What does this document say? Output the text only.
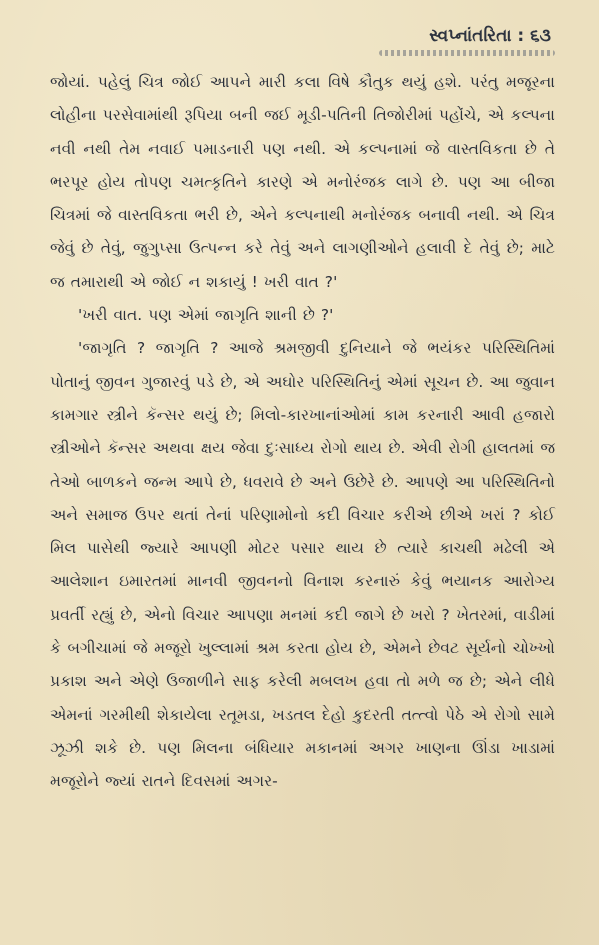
સ્વપ્નાંતરિતા : ૬૩

જોયાં. પહેલું ચિત્ર જોઈ આપને મારી કલા વિષે કૌતુક થયું હશે. પરંતુ મજૂરના લોહીના પરસેવામાંથી રૂપિયા બની જઈ મૂડી-પતિની તિજોરીમાં પહોંચે, એ કલ્પના નવી નથી તેમ નવાઈ પમાડનારી પણ નથી. એ કલ્પનામાં જે વાસ્તવિકતા છે તે ભરપૂર હોય તોપણ ચમત્કૃતિને કારણે એ મનોરંજક લાગે છે. પણ આ બીજા ચિત્રમાં જે વાસ્તવિકતા ભરી છે, એને કલ્પનાથી મનોરંજક બનાવી નથી. એ ચિત્ર જેવું છે તેવું, જુગુપ્સા ઉત્પન્ન કરે તેવું અને લાગણીઓને હલાવી દે તેવું છે; માટે જ તમારાથી એ જોઈ ન શકાયું ! ખરી વાત ?'

'ખરી વાત. પણ એમાં જાગૃતિ શાની છે ?'

'જાગૃતિ ? જાગૃતિ ? આજે શ્રમજીવી દુનિયાને જે ભયંકર પરિસ્થિતિમાં પોતાનું જીવન ગુજારવું પડે છે, એ અઘોર પરિસ્થિતિનું એમાં સૂચન છે. આ જુવાન કામગાર સ્ત્રીને કૅન્સર થયું છે; મિલો-કારખાનાંઓમાં કામ કરનારી આવી હજારો સ્ત્રીઓને કૅન્સર અથવા ક્ષય જેવા દુઃસાધ્ય રોગો થાય છે. એવી રોગી હાલતમાં જ તેઓ બાળકને જન્મ આપે છે, ધવરાવે છે અને ઉછેરે છે. આપણે આ પરિસ્થિતિનો અને સમાજ ઉપર થતાં તેનાં પરિણામોનો કદી વિચાર કરીએ છીએ ખરાં ? કોઈ મિલ પાસેથી જ્યારે આપણી મોટર પસાર થાય છે ત્યારે કાચથી મઢેલી એ આલેશાન ઇમારતમાં માનવી જીવનનો વિનાશ કરનારું કેવું ભયાનક આરોગ્ય પ્રવર્તી રહ્યું છે, એનો વિચાર આપણા મનમાં કદી જાગે છે ખરો ? ખેતરમાં, વાડીમાં કે બગીચામાં જે મજૂરો ખુલ્લામાં શ્રમ કરતા હોય છે, એમને છેવટ સૂર્યનો ચોખ્ખો પ્રકાશ અને એણે ઉજાળીને સાફ કરેલી મબલખ હવા તો મળે જ છે; એને લીધે એમનાં ગરમીથી શેકાયેલા રતૂમડા, ખડતલ દેહો કુદરતી તત્ત્વો પેઠે એ રોગો સામે ઝૂઝી શકે છે. પણ મિલના બંધિયાર મકાનમાં અગર ખાણના ઊંડા ખાડામાં મજૂરોને જ્યાં રાતને દિવસમાં અગર-
